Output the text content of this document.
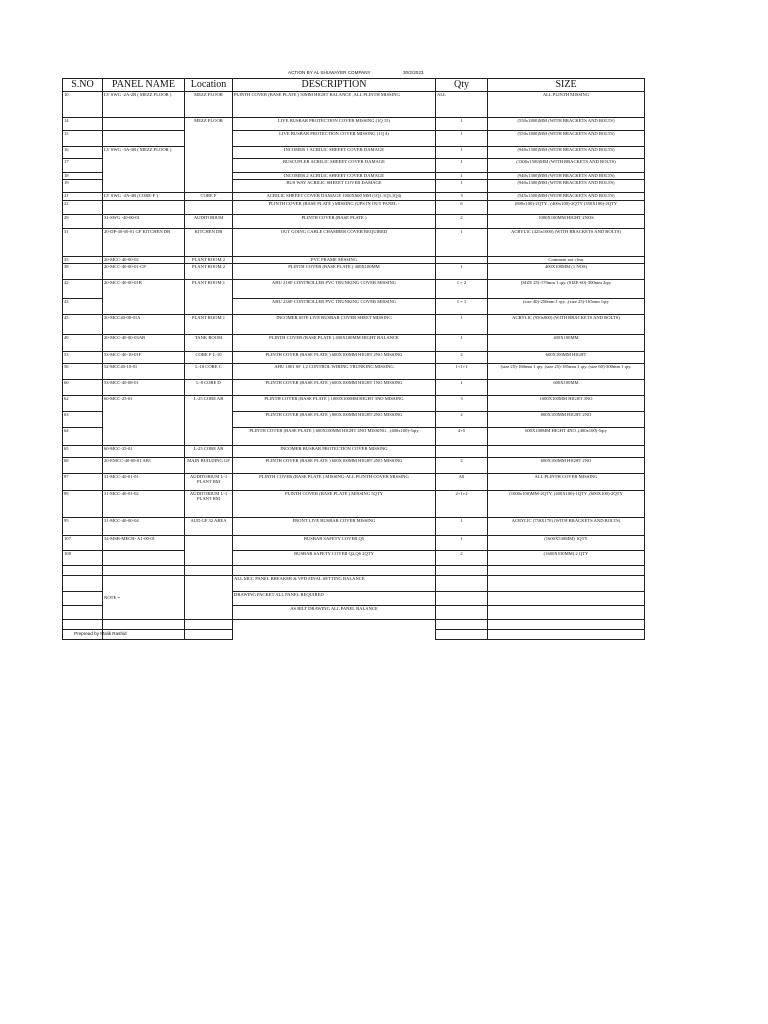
ACTION BY AL SHUWAYER COMPANY	30/2/2023
S.NO	PANEL NAME	Location	DESCRIPTION	Qty	SIZE
10	LV SWG -2A-2B ( MEZZ FLOOR )	MEZZ FLOOR	PLINTH COVER (BASE PLATE ) 50MM HIGHT BALANCE ,ALL PLINTH MISSING	ALL	ALL PLINTH MISSING
14		MEZZ FLOOR	LIVE BUSBAR PROTECTION COVER MISSING (1Q 15)	1	(550x1800)MM (WITH BRACKETS AND BOLTS)
15			LIVE BUSBAR PROTECTION COVER MISSING (1Q 4)	1	(550x1800)MM (WITH BRACKETS AND BOLTS)
16	LV SWG -3A-3B ( MEZZ FLOOR )		INCOMER 1 ACRILIC SHEEET COVER DAMAGE	1	(940x1300)MM (WITH BRACKETS AND BOLTS)
17			BUSCUPLER ACRILIC SHEEET COVER DAMAGE	1	(1300x1500)MM (WITH BRACKETS AND BOLTS)
18			INCOMER 2 ACRILIC SHEEET COVER DAMAGE	1	(940x1300)MM (WITH BRACKETS AND BOLTS)
19			BUS WAY ACRILIC SHEEET COVER DAMAGE	1	(940x1300)MM (WITH BRACKETS AND BOLTS)
21	LV SWG -4A-4B (CORE-F )	CORE F	ACRILIC SHEEET COVER DAMAGE 1000X600 MM (1Q1,1Q3,1Q4)	3	(545x1500)MM (WITH BRACKETS AND BOLTS)
22			PLINTH COVER (BASE PLATE ) MISSING (UPS IN OUT PANEL -	6	(800x100)-2QTY , (400x100)-2QTY (350X100)-2QTY
29	31-SWG -40-00-01	AUDITORIUM	PLINTH COVER (BASE PLATE )	2	1000X100MM HIGHT 2NOS
31	20-DP-40-00-01 GF KITCHEN DB	KITCHEN DB	OUT GOING CABLE CHAMBER COVER REQUIRED	1	ACRYLIC (425x1000) (WITH BRACKETS AND BOLTS)
35	20-MCC-40-00-02	PLANT ROOM 2	PVC FRAME MISSING		Comment not clear
38	20-MCC-40-00-01-CP	PLANT ROOM 2	PLINTH COVER (BASE PLATE ) 400X100MM	1	400X100MM (1 NOS)
42	20-MCC-40-00-01B	PLANT ROOM 1	AHU 21SF CONTROLLER PVC TRUNKING COVER MISSING	1 + 2	(SIZE 25)-170mm 1 qty. (SIZE-60)-300mm 2qty
43			AHU 23SF CONTROLLER PVC TRUNKING COVER MISSING	1 + 1	(size 40)-250mm 1 qty. ,(size 25)-165mm 1qty
45	20-MCC40-00-01A	PLANT ROOM 1	INCOMER SITE LIVE BUSBAR COVER SHEET MISSING	1	ACRYLIC (950x800) (WITH BRACKETS AND BOLTS)
49	20-MCC-40-00-03AB	TANK ROOM	PLINTH COVER (BASE PLATE ) 400X100MM HIGHT BALANCE	1	400X100MM
53	53-MCC-40-10-01F	CORE F L-10	PLINTH COVER (BASE PLATE ) 600X100MM HIGHT 2NO MISSING	2	600X100MM HIGHT
56	52-MCC40-10-01	L-10 CORE C	AHU 1001 SF 1,2 CONTROL WIRING TRUNKING MISSING	1+1+1	(size 25)-160mm 1 qty. (size 25)-185mm 1 qty. (size 60)-300mm 1 qty.
60	53-MCC-40-08-01	L-8 CORE D	PLINTH COVER (BASE PLATE ) 600X100MM HIGHT 1NO MISSING	1	600X100MM
62	60-MCC-25-01	L-25 CORE AB	PLINTH COVER (BASE PLATE ) 1000X100MM HIGHT 3NO MISSING	3	1000X100MM HIGHT 3NO
63			PLINTH COVER (BASE PLATE ) 800X100MM HIGHT 2NO MISSING	2	800X100MM HIGHT 2NO
64			PLINTH COVER (BASE PLATE ) 600X100MM HIGHT 4NO MISSING , (400x100)-5qty	4+5	600X100MM HIGHT 4NO ,(400x100)-5qty
65	60-MCC-25-01	L-25 CORE AB	INCOMER BUSBAR PROTECTION COVER MISSING		
68	20-EMCC-40-00-01 AB1	MAIN BUILDING GF	PLINTH COVER (BASE PLATE ) 600X100MM HIGHT 2NO MISSING	2	600X100MM HIGHT 2NO
87	31-MCC-40-01-01	AUDITORIUM L-1 PLANT RM	PLINTH COVER (BASE PLATE ) MISSING-ALL PLINTH COVER MISSING	All	ALL PLINTH COVER MISSING
89	31-MCC-40-01-02	AUDITORIUM L-1 PLANT RM	PLINTH COVER (BASE PLATE ) MISSING 5QTY	2+1+2	(1000x100)MM-2QTY, (400X100)-1QTY ,(600X100)-2QTY
95	31-MCC-40-00-04	AUD GF 32 AREA	FRONT LIVE BUSBAR COVER MISSING	1	ACRYLIC (750X170) (WITH BRACKETS AND BOLTS)
107	34-MSB-MECH- A1-00-01		BUSBAR SAFETY COVER Q5	1	(1600X530MM) 1QTY
108			BUSBAR SAFETY COVER Q2,Q6 2QTY	2	(1600X530MM) 2 QTY

	NOTE =		ALL MCC PANEL BREAKER & VFD FINAL SETTING BALANCE		
			DRAWING PACKET ALL PANEL REQUIRED		
			AS BILT DRAWING ALL PANEL BALANCE		

Prepread by Malik Rashid
